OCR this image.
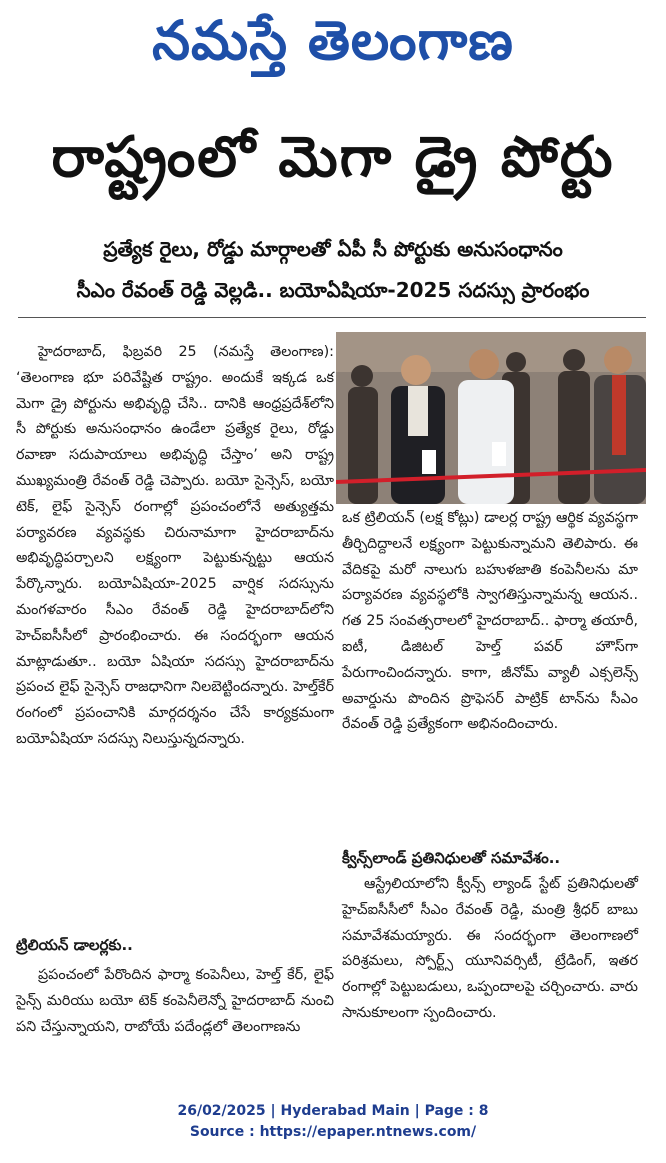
నమస్తే తెలంగాణ
రాష్ట్రంలో మెగా డ్రై పోర్టు
ప్రత్యేక రైలు, రోడ్డు మార్గాలతో ఏపీ సీ పోర్టుకు అనుసంధానం
సీఎం రేవంత్ రెడ్డి వెల్లడి.. బయోఏషియా-2025 సదస్సు ప్రారంభం

హైదరాబాద్, ఫిబ్రవరి 25 (నమస్తే తెలంగాణ): ‘తెలంగాణ భూ పరివేష్టిత రాష్ట్రం. అందుకే ఇక్కడ ఒక మెగా డ్రై పోర్టును అభివృద్ధి చేసి.. దానికి ఆంధ్రప్రదేశ్‌లోని సీ పోర్టుకు అనుసంధానం ఉండేలా ప్రత్యేక రైలు, రోడ్డు రవాణా సదుపాయాలు అభివృద్ధి చేస్తాం’ అని రాష్ట్ర ముఖ్యమంత్రి రేవంత్ రెడ్డి చెప్పారు. బయో సైన్సెస్, బయో టెక్, లైఫ్ సైన్సెస్ రంగాల్లో ప్రపంచంలోనే అత్యుత్తమ పర్యావరణ వ్యవస్థకు చిరునామాగా హైదరాబాద్‌ను అభివృద్ధిపర్చాలని లక్ష్యంగా పెట్టుకున్నట్టు ఆయన పేర్కొన్నారు. బయోఏషియా-2025 వార్షిక సదస్సును మంగళవారం సీఎం రేవంత్ రెడ్డి హైదరాబాద్‌లోని హెచ్‌ఐసీసీలో ప్రారంభించారు. ఈ సందర్భంగా ఆయన మాట్లాడుతూ.. బయో ఏషియా సదస్సు హైదరాబాద్‌ను ప్రపంచ లైఫ్ సైన్సెస్ రాజధానిగా నిలబెట్టిందన్నారు. హెల్త్‌కేర్ రంగంలో ప్రపంచానికి మార్గదర్శనం చేసే కార్యక్రమంగా బయోఏషియా సదస్సు నిలుస్తున్నదన్నారు.

ఒక ట్రిలియన్ (లక్ష కోట్లు) డాలర్ల రాష్ట్ర ఆర్థిక వ్యవస్థగా తీర్చిదిద్దాలనే లక్ష్యంగా పెట్టుకున్నామని తెలిపారు. ఈ వేదికపై మరో నాలుగు బహుళజాతి కంపెనీలను మా పర్యావరణ వ్యవస్థలోకి స్వాగతిస్తున్నామన్న ఆయన.. గత 25 సంవత్సరాలలో హైదరాబాద్.. ఫార్మా తయారీ, ఐటీ, డిజిటల్ హెల్త్ పవర్ హౌస్‌గా పేరుగాంచిందన్నారు. కాగా, జీనోమ్ వ్యాలీ ఎక్సలెన్స్ అవార్డును పొందిన ప్రొఫెసర్ పాట్రిక్ టాన్‌ను సీఎం రేవంత్ రెడ్డి ప్రత్యేకంగా అభినందించారు.

క్వీన్స్‌లాండ్ ప్రతినిధులతో సమావేశం..

ఆస్ట్రేలియాలోని క్వీన్స్ ల్యాండ్ స్టేట్ ప్రతినిధులతో హైచ్‌ఐసీసీలో సీఎం రేవంత్ రెడ్డి, మంత్రి శ్రీధర్ బాబు సమావేశమయ్యారు. ఈ సందర్భంగా తెలంగాణలో పరిశ్రమలు, స్పోర్ట్స్ యూనివర్సిటీ, ట్రేడింగ్, ఇతర రంగాల్లో పెట్టుబడులు, ఒప్పందాలపై చర్చించారు. వారు సానుకూలంగా స్పందించారు.

ట్రిలియన్ డాలర్లకు..

ప్రపంచంలో పేరొందిన ఫార్మా కంపెనీలు, హెల్త్ కేర్, లైఫ్ సైన్స్ మరియు బయో టెక్ కంపెనీలెన్నో హైదరాబాద్ నుంచి పని చేస్తున్నాయని, రాబోయే పదేండ్లలో తెలంగాణను

26/02/2025 | Hyderabad Main | Page : 8
Source : https://epaper.ntnews.com/
